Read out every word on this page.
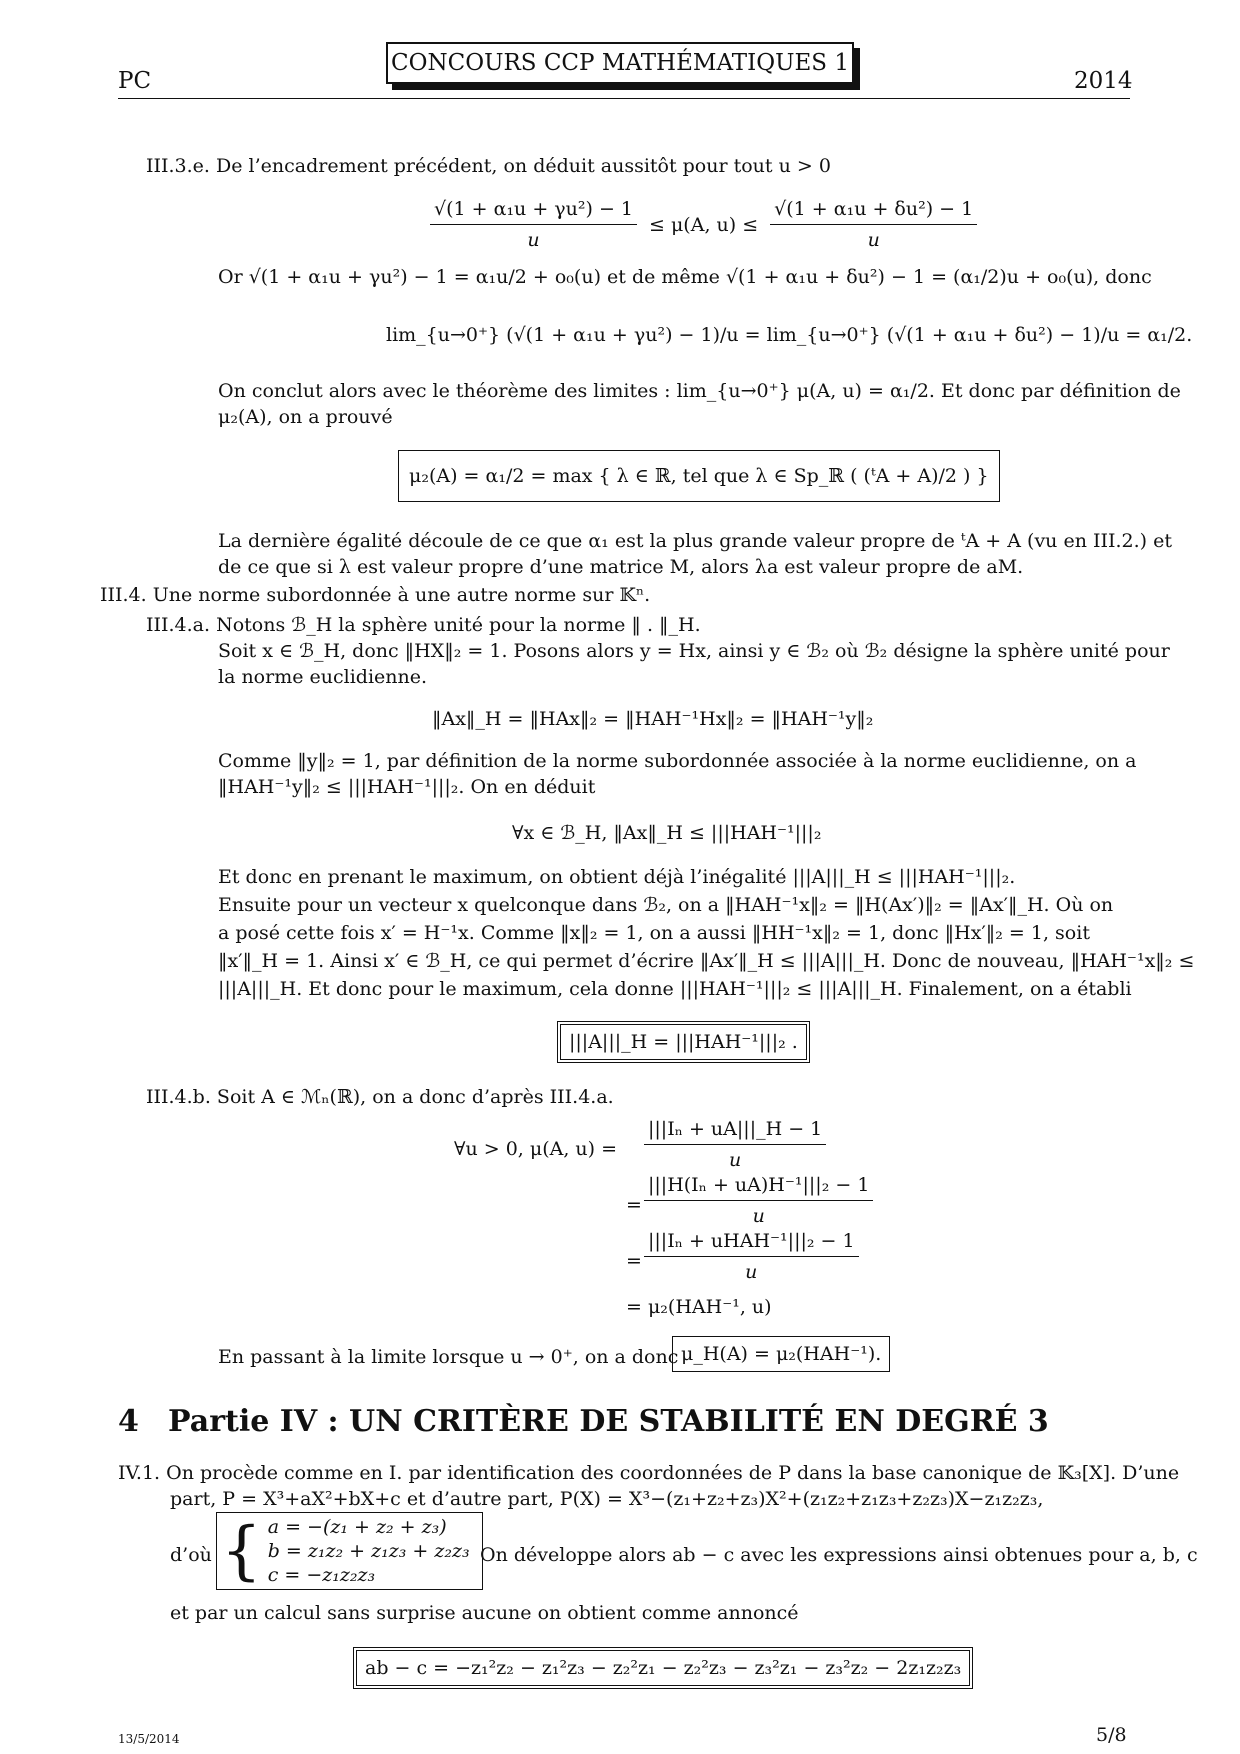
PC
CONCOURS CCP MATHÉMATIQUES 1
2014
III.3.e. De l’encadrement précédent, on déduit aussitôt pour tout u > 0
$\frac{\text{√(1 + α₁u + γu²) − 1}}{u} \le \mu(A$, $u) \le \frac{\text{√(1 + α₁u + δu²) − 1}}{u}$
Or √(1 + α₁u + γu²) − 1 = α₁u/2 + o₀(u) et de même √(1 + α₁u + δu²) − 1 = (α₁/2)u + o₀(u), donc
lim_{u→0⁺} (√(1 + α₁u + γu²) − 1)/u = lim_{u→0⁺} (√(1 + α₁u + δu²) − 1)/u = α₁/2.
On conclut alors avec le théorème des limites : lim_{u→0⁺} μ(A, u) = α₁/2. Et donc par définition de
μ₂(A), on a prouvé
μ₂(A) = α₁/2 = max { λ ∈ ℝ, tel que λ ∈ Sp_ℝ ( (ᵗA + A)/2 ) }
La dernière égalité découle de ce que α₁ est la plus grande valeur propre de ᵗA + A (vu en III.2.) et
de ce que si λ est valeur propre d’une matrice M, alors λa est valeur propre de aM.
III.4. Une norme subordonnée à une autre norme sur 𝕂ⁿ.
III.4.a. Notons ℬ_H la sphère unité pour la norme ‖ . ‖_H.
Soit x ∈ ℬ_H, donc ‖HX‖₂ = 1. Posons alors y = Hx, ainsi y ∈ ℬ₂ où ℬ₂ désigne la sphère unité pour
la norme euclidienne.
‖Ax‖_H = ‖HAx‖₂ = ‖HAH⁻¹Hx‖₂ = ‖HAH⁻¹y‖₂
Comme ‖y‖₂ = 1, par définition de la norme subordonnée associée à la norme euclidienne, on a
‖HAH⁻¹y‖₂ ≤ |||HAH⁻¹|||₂. On en déduit
∀x ∈ ℬ_H, ‖Ax‖_H ≤ |||HAH⁻¹|||₂
Et donc en prenant le maximum, on obtient déjà l’inégalité |||A|||_H ≤ |||HAH⁻¹|||₂.
Ensuite pour un vecteur x quelconque dans ℬ₂, on a ‖HAH⁻¹x‖₂ = ‖H(Ax′)‖₂ = ‖Ax′‖_H. Où on
a posé cette fois x′ = H⁻¹x. Comme ‖x‖₂ = 1, on a aussi ‖HH⁻¹x‖₂ = 1, donc ‖Hx′‖₂ = 1, soit
‖x′‖_H = 1. Ainsi x′ ∈ ℬ_H, ce qui permet d’écrire ‖Ax′‖_H ≤ |||A|||_H. Donc de nouveau, ‖HAH⁻¹x‖₂ ≤
|||A|||_H. Et donc pour le maximum, cela donne |||HAH⁻¹|||₂ ≤ |||A|||_H. Finalement, on a établi
|||A|||_H = |||HAH⁻¹|||₂ .
III.4.b. Soit A ∈ ℳₙ(ℝ), on a donc d’après III.4.a.
∀u > 0, μ(A, $u) = \frac{\text{|||Iₙ + uA|||\_H − 1}}{u}$
= $\frac{\text{|||H(Iₙ + uA)H⁻¹|||₂ − 1}}{u}$
=
|||Iₙ + uHAH⁻¹|||₂ − 1
u
= μ₂(HAH⁻¹, u)
En passant à la limite lorsque u → 0⁺, on a donc μ_H(A) = μ₂(HAH⁻¹).
4 Partie IV : UN CRITÈRE DE STABILITÉ EN DEGRÉ 3
IV.1. On procède comme en I. par identification des coordonnées de P dans la base canonique de 𝕂₃[X]. D’une
part, P = X³+aX²+bX+c et d’autre part, P(X) = X³−(z₁+z₂+z₃)X²+(z₁z₂+z₁z₃+z₂z₃)X−z₁z₂z₃,
d’où { a = −(z₁ + z₂ + z₃)
b = z₁z₂ + z₁z₃ + z₂z₃
c = −z₁z₂z₃
On développe alors ab − c avec les expressions ainsi obtenues pour a, b, c
et par un calcul sans surprise aucune on obtient comme annoncé
ab − c = −z₁²z₂ − z₁²z₃ − z₂²z₁ − z₂²z₃ − z₃²z₁ − z₃²z₂ − 2z₁z₂z₃
13/5/2014	5/8
